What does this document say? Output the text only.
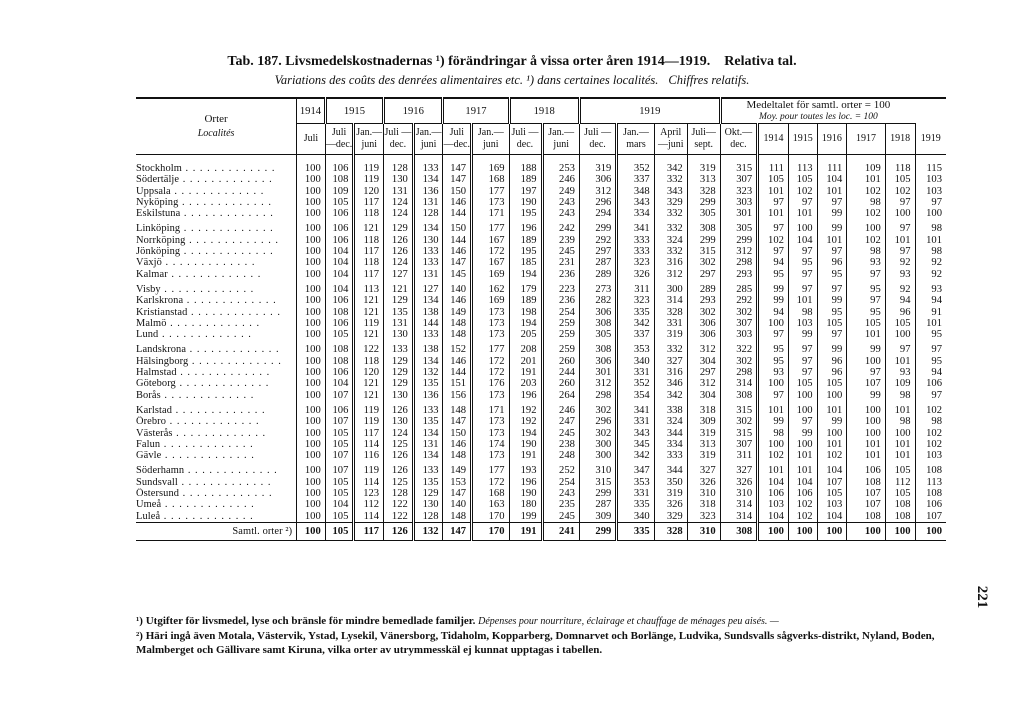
Tab. 187. Livsmedelskostnadernas ¹) förändringar å vissa orter åren 1914—1919. Relativa tal.
Variations des coûts des denrées alimentaires etc. ¹) dans certaines localités. Chiffres relatifs.
Orter
Localités	1914	1915		1916		1917		1918		1919				Medeltalet för samtl. orter = 100
Moy. pour toutes les loc. = 100						
	Juli	Juli —dec.	Jan.— juni	Juli —dec.	Jan.— juni	Juli —dec.	Jan.— juni	Juli —dec.	Jan.— juni	Juli —dec.	Jan.— mars	April —juni	Juli— sept.	Okt.— dec.	1914	1915	1916	1917	1918	1919
Stockholm . . . . . . . . . . . . .	100	106	119	128	133	147	169	188	253	319	352	342	319	315	111	113	111	109	118	115
Södertälje . . . . . . . . . . . . .	100	108	119	130	134	147	168	189	246	306	337	332	313	307	105	105	104	101	105	103
Uppsala . . . . . . . . . . . . .	100	109	120	131	136	150	177	197	249	312	348	343	328	323	101	102	101	102	102	103
Nyköping . . . . . . . . . . . . .	100	105	117	124	131	146	173	190	243	296	343	329	299	303	97	97	97	98	97	97
Eskilstuna . . . . . . . . . . . . .	100	106	118	124	128	144	171	195	243	294	334	332	305	301	101	101	99	102	100	100
Linköping . . . . . . . . . . . . .	100	106	121	129	134	150	177	196	242	299	341	332	308	305	97	100	99	100	97	98
Norrköping . . . . . . . . . . . . .	100	106	118	126	130	144	167	189	239	292	333	324	299	299	102	104	101	102	101	101
Jönköping . . . . . . . . . . . . .	100	104	117	126	133	146	172	195	245	297	333	332	315	312	97	97	97	98	97	98
Växjö . . . . . . . . . . . . .	100	104	118	124	133	147	167	185	231	287	323	316	302	298	94	95	96	93	92	92
Kalmar . . . . . . . . . . . . .	100	104	117	127	131	145	169	194	236	289	326	312	297	293	95	97	95	97	93	92
Visby . . . . . . . . . . . . .	100	104	113	121	127	140	162	179	223	273	311	300	289	285	99	97	97	95	92	93
Karlskrona . . . . . . . . . . . . .	100	106	121	129	134	146	169	189	236	282	323	314	293	292	99	101	99	97	94	94
Kristianstad . . . . . . . . . . . . .	100	108	121	135	138	149	173	198	254	306	335	328	302	302	94	98	95	95	96	91
Malmö . . . . . . . . . . . . .	100	106	119	131	144	148	173	194	259	308	342	331	306	307	100	103	105	105	105	101
Lund . . . . . . . . . . . . .	100	105	121	130	133	148	173	205	259	305	337	319	306	303	97	99	97	101	100	95
Landskrona . . . . . . . . . . . . .	100	108	122	133	138	152	177	208	259	308	353	332	312	322	95	97	99	99	97	97
Hälsingborg . . . . . . . . . . . . .	100	108	118	129	134	146	172	201	260	306	340	327	304	302	95	97	96	100	101	95
Halmstad . . . . . . . . . . . . .	100	106	120	129	132	144	172	191	244	301	331	316	297	298	93	97	96	97	93	94
Göteborg . . . . . . . . . . . . .	100	104	121	129	135	151	176	203	260	312	352	346	312	314	100	105	105	107	109	106
Borås . . . . . . . . . . . . .	100	107	121	130	136	156	173	196	264	298	354	342	304	308	97	100	100	99	98	97
Karlstad . . . . . . . . . . . . .	100	106	119	126	133	148	171	192	246	302	341	338	318	315	101	100	101	100	101	102
Örebro . . . . . . . . . . . . .	100	107	119	130	135	147	173	192	247	296	331	324	309	302	99	97	99	100	98	98
Västerås . . . . . . . . . . . . .	100	105	117	124	134	150	173	194	245	302	343	344	319	315	98	99	100	100	100	102
Falun . . . . . . . . . . . . .	100	105	114	125	131	146	174	190	238	300	345	334	313	307	100	100	101	101	101	102
Gävle . . . . . . . . . . . . .	100	107	116	126	134	148	173	191	248	300	342	333	319	311	102	101	102	101	101	103
Söderhamn . . . . . . . . . . . . .	100	107	119	126	133	149	177	193	252	310	347	344	327	327	101	101	104	106	105	108
Sundsvall . . . . . . . . . . . . .	100	105	114	125	135	153	172	196	254	315	353	350	326	326	104	104	107	108	112	113
Östersund . . . . . . . . . . . . .	100	105	123	128	129	147	168	190	243	299	331	319	310	310	106	106	105	107	105	108
Umeå . . . . . . . . . . . . .	100	104	112	122	130	140	163	180	235	287	335	326	318	314	103	102	103	107	108	106
Luleå . . . . . . . . . . . . .	100	105	114	122	128	148	170	199	245	309	340	329	323	314	104	102	104	108	108	107
Samtl. orter ²)	100	105	117	126	132	147	170	191	241	299	335	328	310	308	100	100	100	100	100	100
¹) Utgifter för livsmedel, lyse och bränsle för mindre bemedlade familjer. Dépenses pour nourriture, éclairage et chauffage de ménages peu aisés. —
²) Häri ingå även Motala, Västervik, Ystad, Lysekil, Vänersborg, Tidaholm, Kopparberg, Domnarvet och Borlänge, Ludvika, Sundsvalls sågverks-distrikt, Nyland, Boden, Malmberget och Gällivare samt Kiruna, vilka orter av utrymmesskäl ej kunnat upptagas i tabellen.
221
